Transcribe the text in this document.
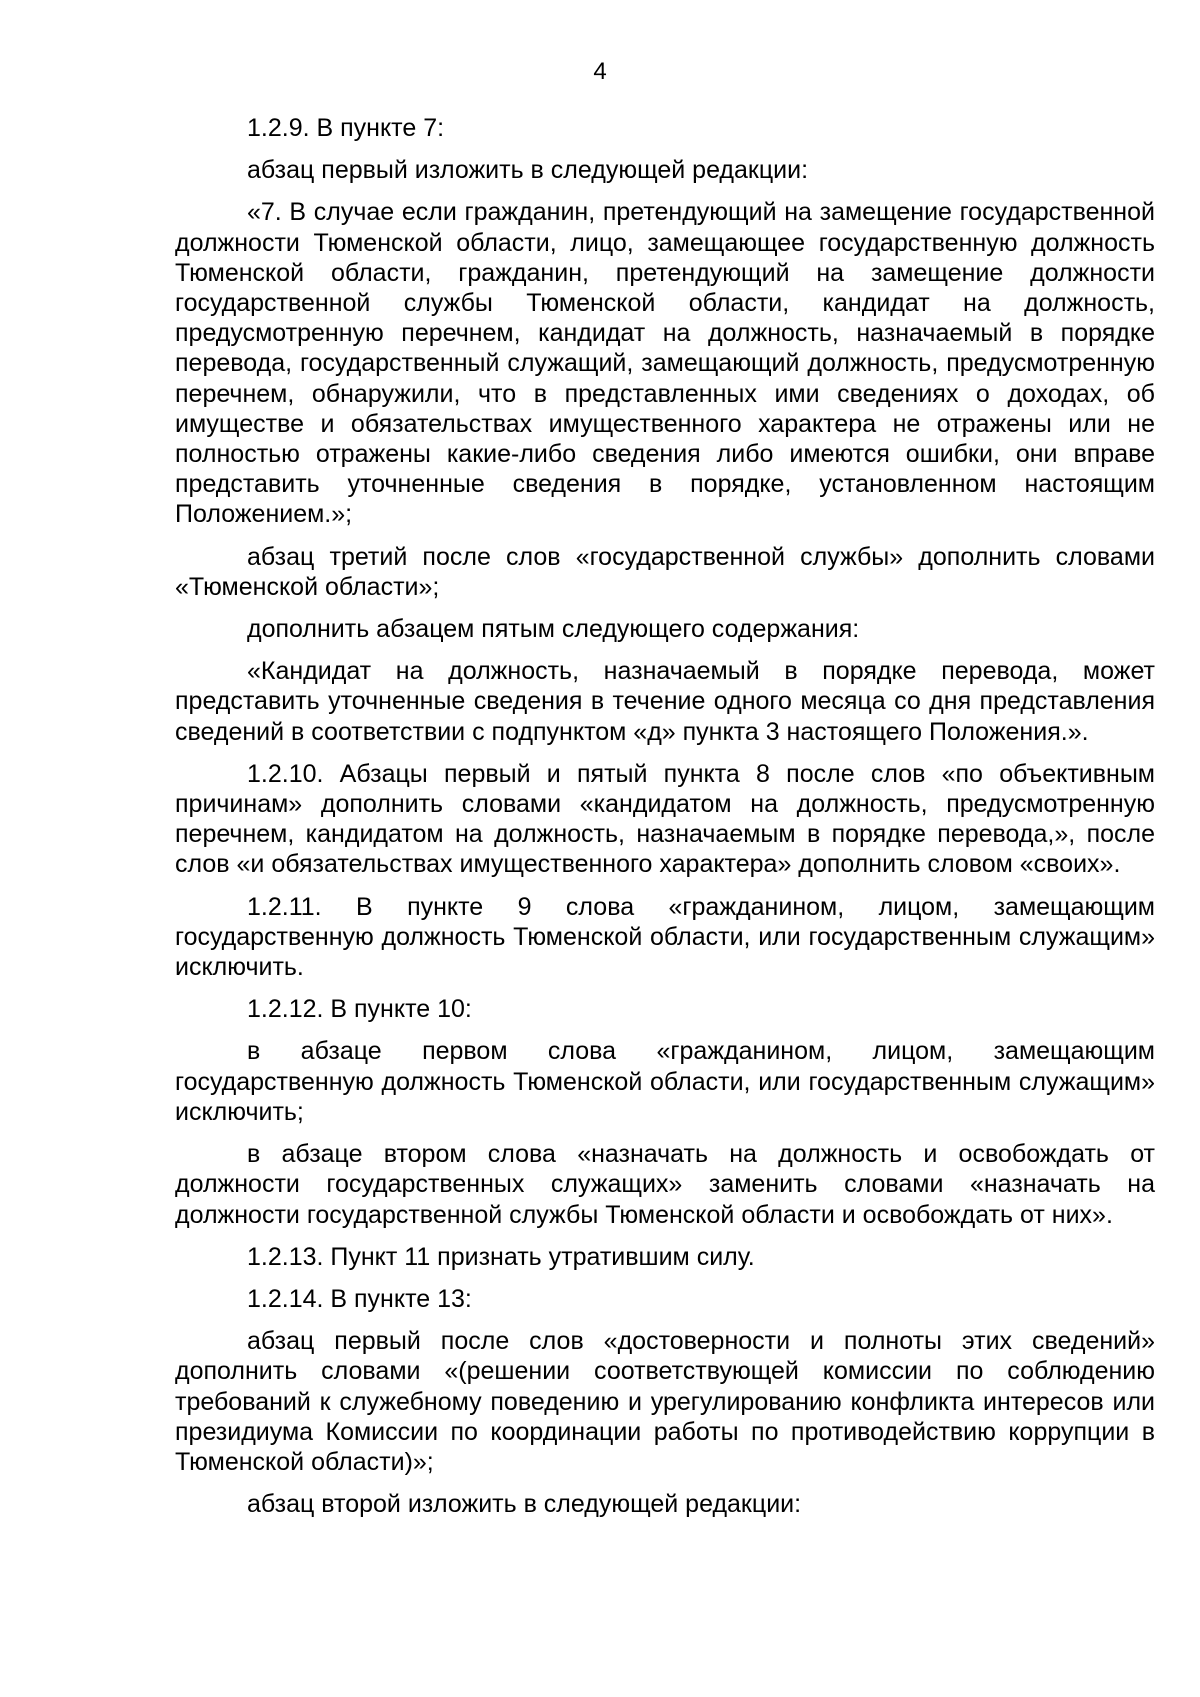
4

1.2.9. В пункте 7:

абзац первый изложить в следующей редакции:

«7. В случае если гражданин, претендующий на замещение государственной должности Тюменской области, лицо, замещающее государственную должность Тюменской области, гражданин, претендующий на замещение должности государственной службы Тюменской области, кандидат на должность, предусмотренную перечнем, кандидат на должность, назначаемый в порядке перевода, государственный служащий, замещающий должность, предусмотренную перечнем, обнаружили, что в представленных ими сведениях о доходах, об имуществе и обязательствах имущественного характера не отражены или не полностью отражены какие-либо сведения либо имеются ошибки, они вправе представить уточненные сведения в порядке, установленном настоящим Положением.»;

абзац третий после слов «государственной службы» дополнить словами «Тюменской области»;

дополнить абзацем пятым следующего содержания:

«Кандидат на должность, назначаемый в порядке перевода, может представить уточненные сведения в течение одного месяца со дня представления сведений в соответствии с подпунктом «д» пункта 3 настоящего Положения.».

1.2.10. Абзацы первый и пятый пункта 8 после слов «по объективным причинам» дополнить словами «кандидатом на должность, предусмотренную перечнем, кандидатом на должность, назначаемым в порядке перевода,», после слов «и обязательствах имущественного характера» дополнить словом «своих».

1.2.11. В пункте 9 слова «гражданином, лицом, замещающим государственную должность Тюменской области, или государственным служащим» исключить.

1.2.12. В пункте 10:

в абзаце первом слова «гражданином, лицом, замещающим государственную должность Тюменской области, или государственным служащим» исключить;

в абзаце втором слова «назначать на должность и освобождать от должности государственных служащих» заменить словами «назначать на должности государственной службы Тюменской области и освобождать от них».

1.2.13. Пункт 11 признать утратившим силу.

1.2.14. В пункте 13:

абзац первый после слов «достоверности и полноты этих сведений» дополнить словами «(решении соответствующей комиссии по соблюдению требований к служебному поведению и урегулированию конфликта интересов или президиума Комиссии по координации работы по противодействию коррупции в Тюменской области)»;

абзац второй изложить в следующей редакции:
